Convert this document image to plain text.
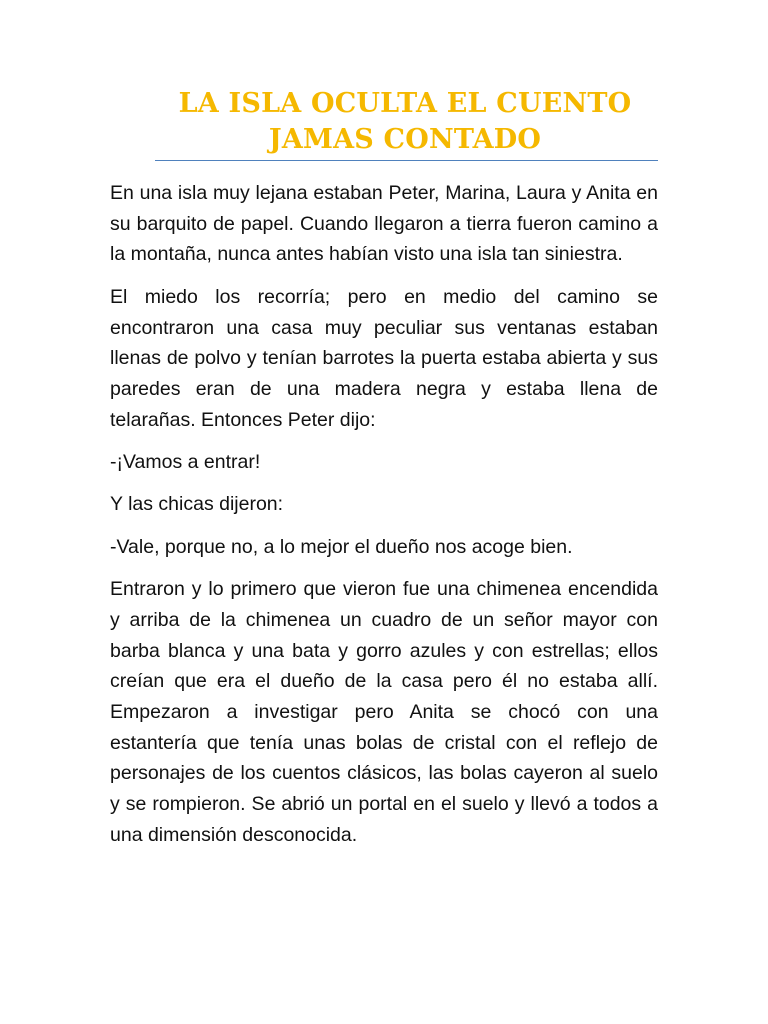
LA ISLA OCULTA EL CUENTO JAMAS CONTADO

En una isla muy lejana estaban Peter, Marina, Laura y Anita en su barquito de papel. Cuando llegaron a tierra fueron camino a la montaña, nunca antes habían visto una isla tan siniestra.

El miedo los recorría; pero en medio del camino se encontraron una casa muy peculiar sus ventanas estaban llenas de polvo y tenían barrotes la puerta estaba abierta y sus paredes eran de una madera negra y estaba llena de telarañas. Entonces Peter dijo:

-¡Vamos a entrar!

Y las chicas dijeron:

-Vale, porque no, a lo mejor el dueño nos acoge bien.

Entraron y lo primero que vieron fue una chimenea encendida y arriba de la chimenea un cuadro de un señor mayor con barba blanca y una bata y gorro azules y con estrellas; ellos creían que era el dueño de la casa pero él no estaba allí. Empezaron a investigar pero Anita se chocó con una estantería que tenía unas bolas de cristal con el reflejo de personajes de los cuentos clásicos, las bolas cayeron al suelo y se rompieron. Se abrió un portal en el suelo y llevó a todos a una dimensión desconocida.
